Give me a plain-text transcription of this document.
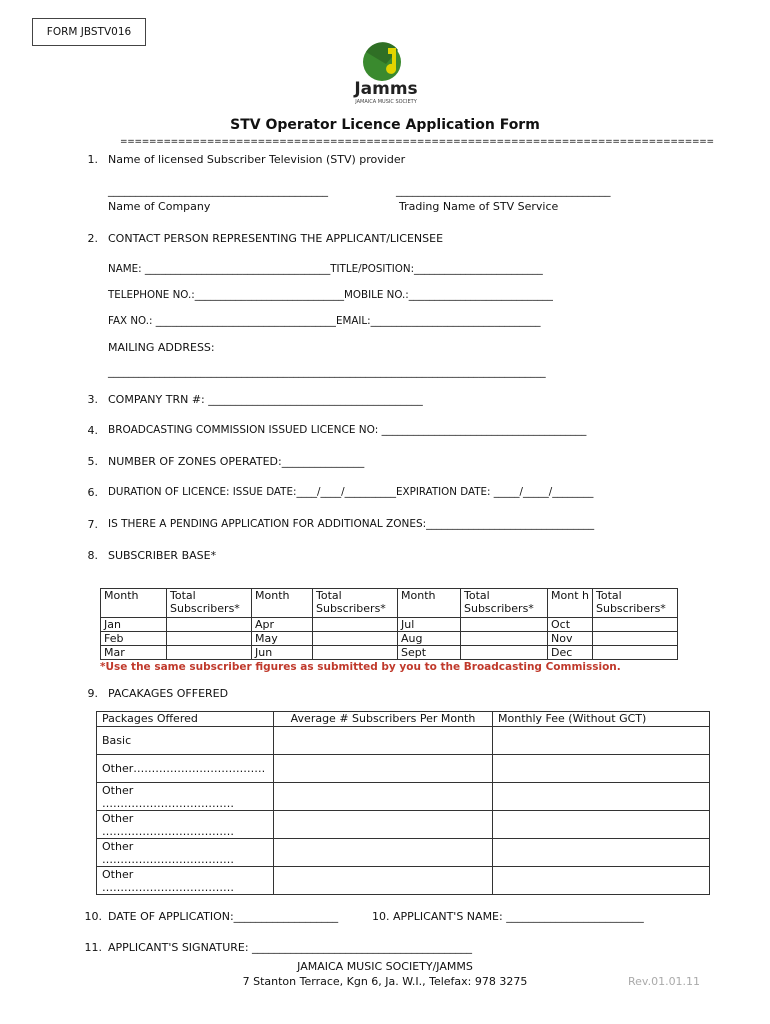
FORM JBSTV016
Jamms
JAMAICA MUSIC SOCIETY
STV Operator Licence Application Form
==================================================================================
1. Name of licensed Subscriber Television (STV) provider
________________________________________	_______________________________________
Name of Company	Trading Name of STV Service
2. CONTACT PERSON REPRESENTING THE APPLICANT/LICENSEE
NAME: ____________________________________TITLE/POSITION:_________________________
TELEPHONE NO.:_____________________________MOBILE NO.:____________________________
FAX NO.: ___________________________________EMAIL:_________________________________
MAILING ADDRESS:
_____________________________________________________________________________________
3. COMPANY TRN #: _______________________________________
4. BROADCASTING COMMISSION ISSUED LICENCE NO: _______________________________________
5. NUMBER OF ZONES OPERATED:_______________
6. DURATION OF LICENCE: ISSUE DATE:____/____/__________EXPIRATION DATE: _____/_____/________
7. IS THERE A PENDING APPLICATION FOR ADDITIONAL ZONES:________________________________
8. SUBSCRIBER BASE*
Month	Total Subscribers*	Month	Total Subscribers*	Month	Total Subscribers*	Mont h	Total Subscribers*
Jan		Apr		Jul		Oct	
Feb		May		Aug		Nov	
Mar		Jun		Sept		Dec	
*Use the same subscriber figures as submitted by you to the Broadcasting Commission.
9. PACAKAGES OFFERED
Packages Offered	Average # Subscribers Per Month	Monthly Fee (Without GCT)
Basic		
Other………………………………		
Other ………………………………		
Other ………………………………		
Other ………………………………		
Other ………………………………		
10. DATE OF APPLICATION:___________________	10. APPLICANT'S NAME: _________________________
11. APPLICANT'S SIGNATURE: ________________________________________
JAMAICA MUSIC SOCIETY/JAMMS
7 Stanton Terrace, Kgn 6, Ja. W.I., Telefax: 978 3275	Rev.01.01.11
